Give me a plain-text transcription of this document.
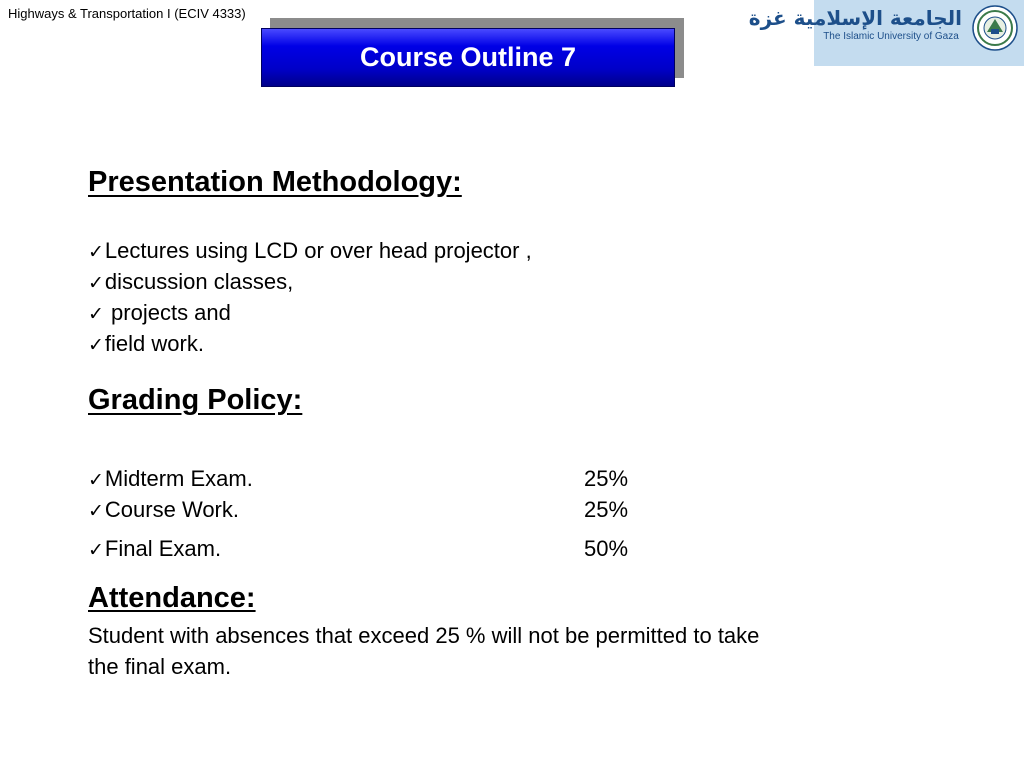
Highways & Transportation I (ECIV 4333)
Course Outline 7
الجامعة الإسلامية غزة
The Islamic University of Gaza
Presentation Methodology:
✓Lectures using LCD or over head projector ,
✓discussion classes,
✓ projects and
✓field work.
Grading Policy:
✓Midterm Exam.	25%
✓Course Work.	25%
✓Final Exam.	50%
Attendance:
Student with absences that exceed 25 % will not be permitted to take
the final exam.
